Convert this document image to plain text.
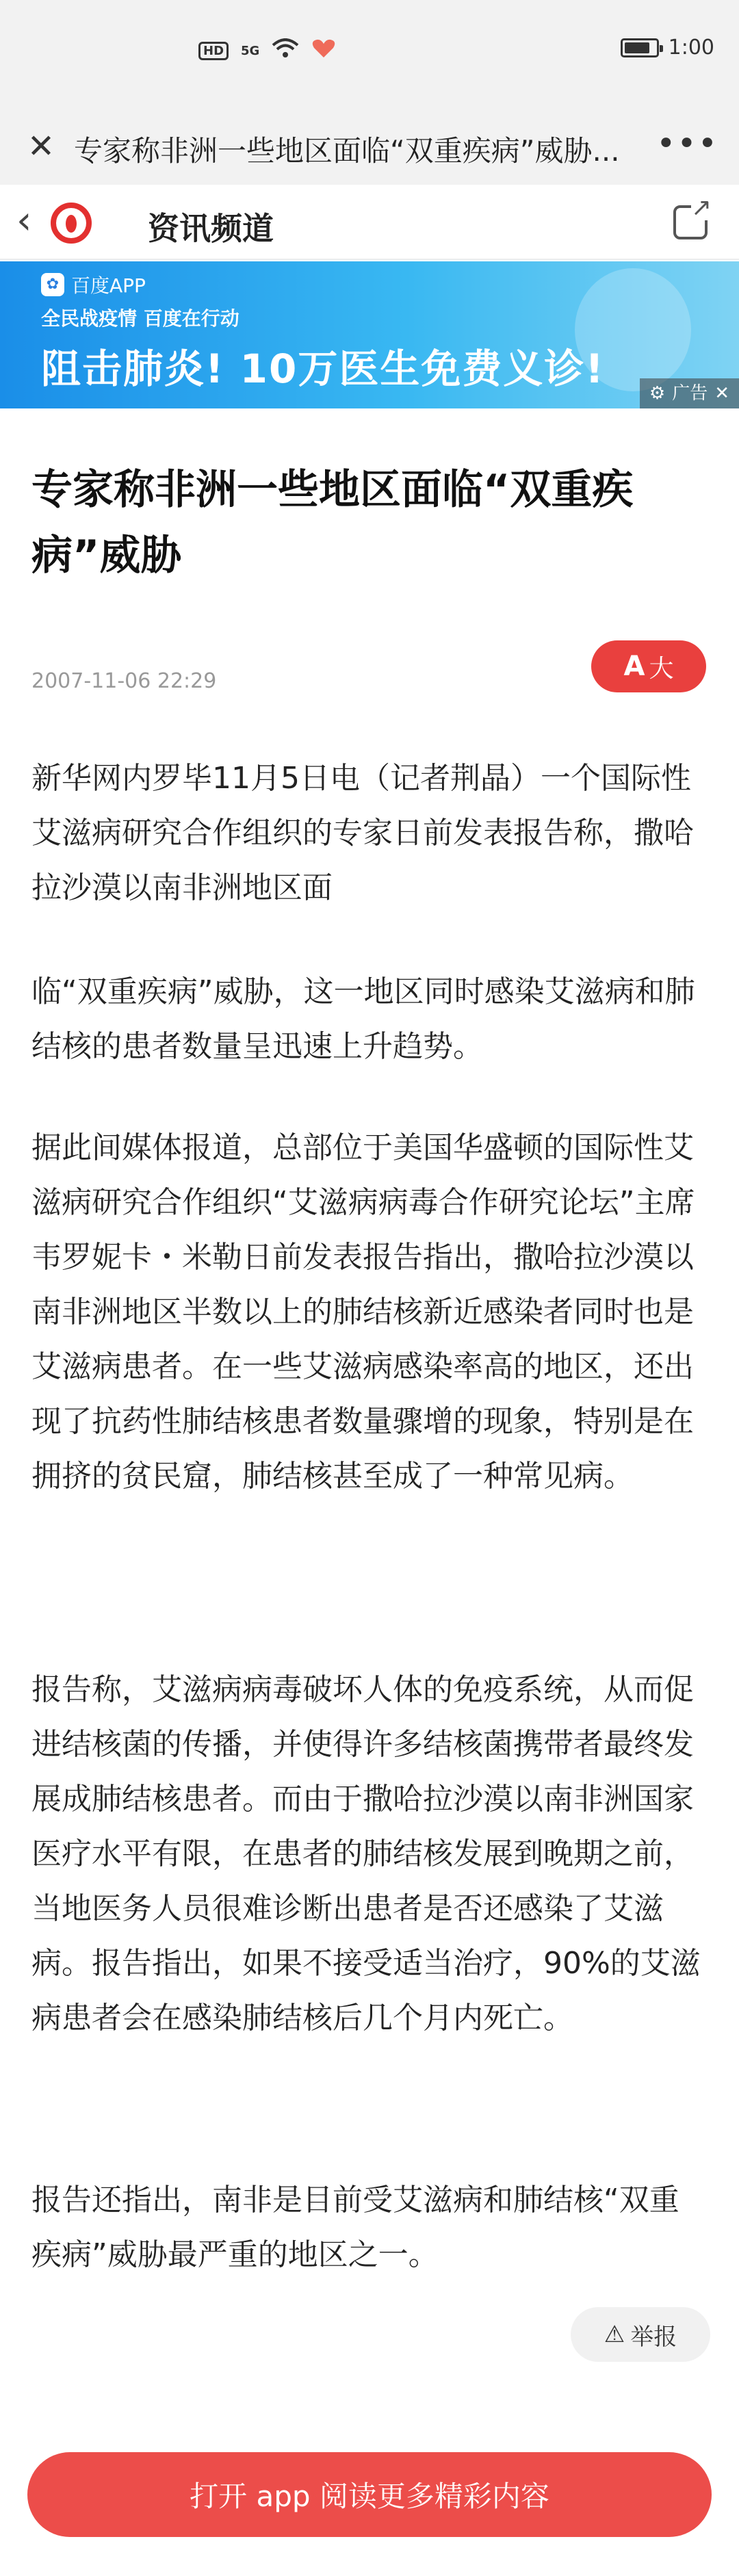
HD	5G	1:00
✕ 专家称非洲一些地区面临“双重疾病”威胁...	•••
‹	资讯频道
↗
✿ 百度APP
全民战疫情 百度在行动
阻击肺炎! 10万医生免费义诊!
⚙ 广告 ✕
专家称非洲一些地区面临“双重疾病”威胁
2007-11-06 22:29	A 大

新华网内罗毕11月5日电（记者荆晶）一个国际性艾滋病研究合作组织的专家日前发表报告称，撒哈拉沙漠以南非洲地区面

临“双重疾病”威胁，这一地区同时感染艾滋病和肺结核的患者数量呈迅速上升趋势。

据此间媒体报道，总部位于美国华盛顿的国际性艾滋病研究合作组织“艾滋病病毒合作研究论坛”主席韦罗妮卡・米勒日前发表报告指出，撒哈拉沙漠以南非洲地区半数以上的肺结核新近感染者同时也是艾滋病患者。在一些艾滋病感染率高的地区，还出现了抗药性肺结核患者数量骤增的现象，特别是在拥挤的贫民窟，肺结核甚至成了一种常见病。

报告称，艾滋病病毒破坏人体的免疫系统，从而促进结核菌的传播，并使得许多结核菌携带者最终发展成肺结核患者。而由于撒哈拉沙漠以南非洲国家医疗水平有限，在患者的肺结核发展到晚期之前，当地医务人员很难诊断出患者是否还感染了艾滋病。报告指出，如果不接受适当治疗，90%的艾滋病患者会在感染肺结核后几个月内死亡。

报告还指出，南非是目前受艾滋病和肺结核“双重疾病”威胁最严重的地区之一。

⚠ 举报
打开 app 阅读更多精彩内容
